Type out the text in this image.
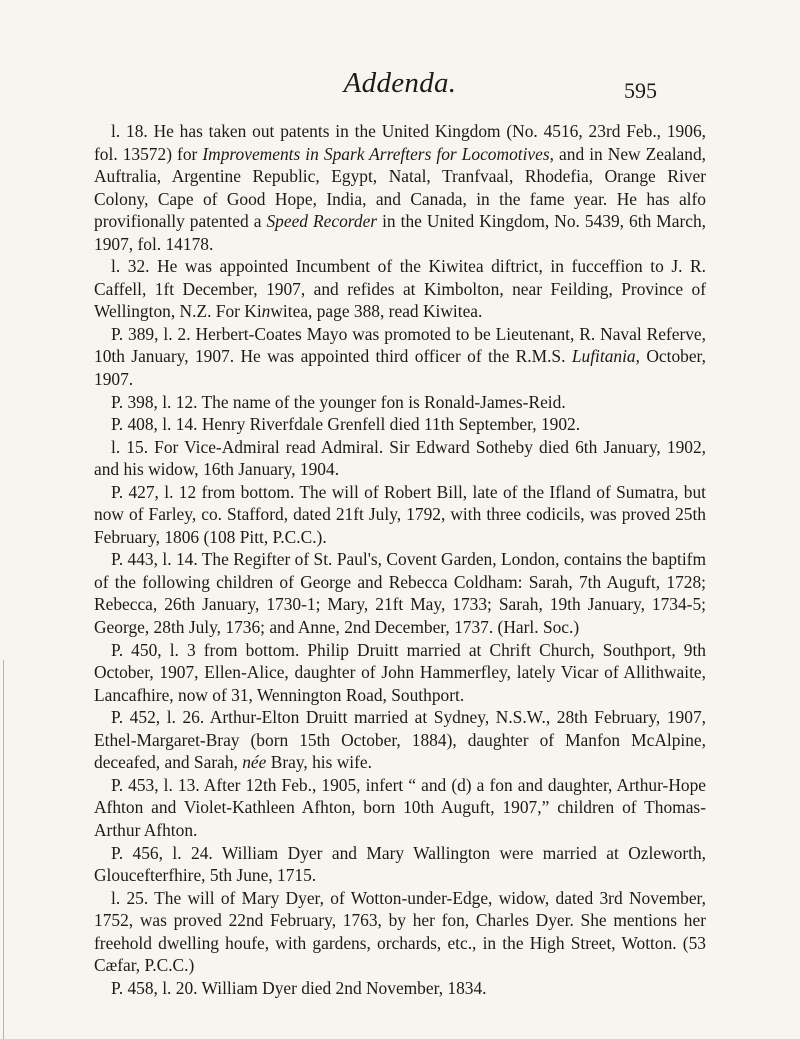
Addenda.	595

l. 18. He has taken out patents in the United Kingdom (No. 4516, 23rd Feb., 1906, fol. 13572) for Improvements in Spark Arrefters for Locomotives, and in New Zealand, Auftralia, Argentine Republic, Egypt, Natal, Tranfvaal, Rhodefia, Orange River Colony, Cape of Good Hope, India, and Canada, in the fame year. He has alfo provifionally patented a Speed Recorder in the United Kingdom, No. 5439, 6th March, 1907, fol. 14178.

l. 32. He was appointed Incumbent of the Kiwitea diftrict, in fucceffion to J. R. Caffell, 1ft December, 1907, and refides at Kimbolton, near Feilding, Province of Wellington, N.Z. For Kinwitea, page 388, read Kiwitea.

P. 389, l. 2. Herbert-Coates Mayo was promoted to be Lieutenant, R. Naval Referve, 10th January, 1907. He was appointed third officer of the R.M.S. Lufitania, October, 1907.

P. 398, l. 12. The name of the younger fon is Ronald-James-Reid.

P. 408, l. 14. Henry Riverfdale Grenfell died 11th September, 1902.

l. 15. For Vice-Admiral read Admiral. Sir Edward Sotheby died 6th January, 1902, and his widow, 16th January, 1904.

P. 427, l. 12 from bottom. The will of Robert Bill, late of the Ifland of Sumatra, but now of Farley, co. Stafford, dated 21ft July, 1792, with three codicils, was proved 25th February, 1806 (108 Pitt, P.C.C.).

P. 443, l. 14. The Regifter of St. Paul's, Covent Garden, London, contains the baptifm of the following children of George and Rebecca Coldham: Sarah, 7th Auguft, 1728; Rebecca, 26th January, 1730-1; Mary, 21ft May, 1733; Sarah, 19th January, 1734-5; George, 28th July, 1736; and Anne, 2nd December, 1737. (Harl. Soc.)

P. 450, l. 3 from bottom. Philip Druitt married at Chrift Church, Southport, 9th October, 1907, Ellen-Alice, daughter of John Hammerfley, lately Vicar of Allithwaite, Lancafhire, now of 31, Wennington Road, Southport.

P. 452, l. 26. Arthur-Elton Druitt married at Sydney, N.S.W., 28th February, 1907, Ethel-Margaret-Bray (born 15th October, 1884), daughter of Manfon McAlpine, deceafed, and Sarah, née Bray, his wife.

P. 453, l. 13. After 12th Feb., 1905, infert “ and (d) a fon and daughter, Arthur-Hope Afhton and Violet-Kathleen Afhton, born 10th Auguft, 1907,” children of Thomas-Arthur Afhton.

P. 456, l. 24. William Dyer and Mary Wallington were married at Ozleworth, Gloucefterfhire, 5th June, 1715.

l. 25. The will of Mary Dyer, of Wotton-under-Edge, widow, dated 3rd November, 1752, was proved 22nd February, 1763, by her fon, Charles Dyer. She mentions her freehold dwelling houfe, with gardens, orchards, etc., in the High Street, Wotton. (53 Cæfar, P.C.C.)

P. 458, l. 20. William Dyer died 2nd November, 1834.
